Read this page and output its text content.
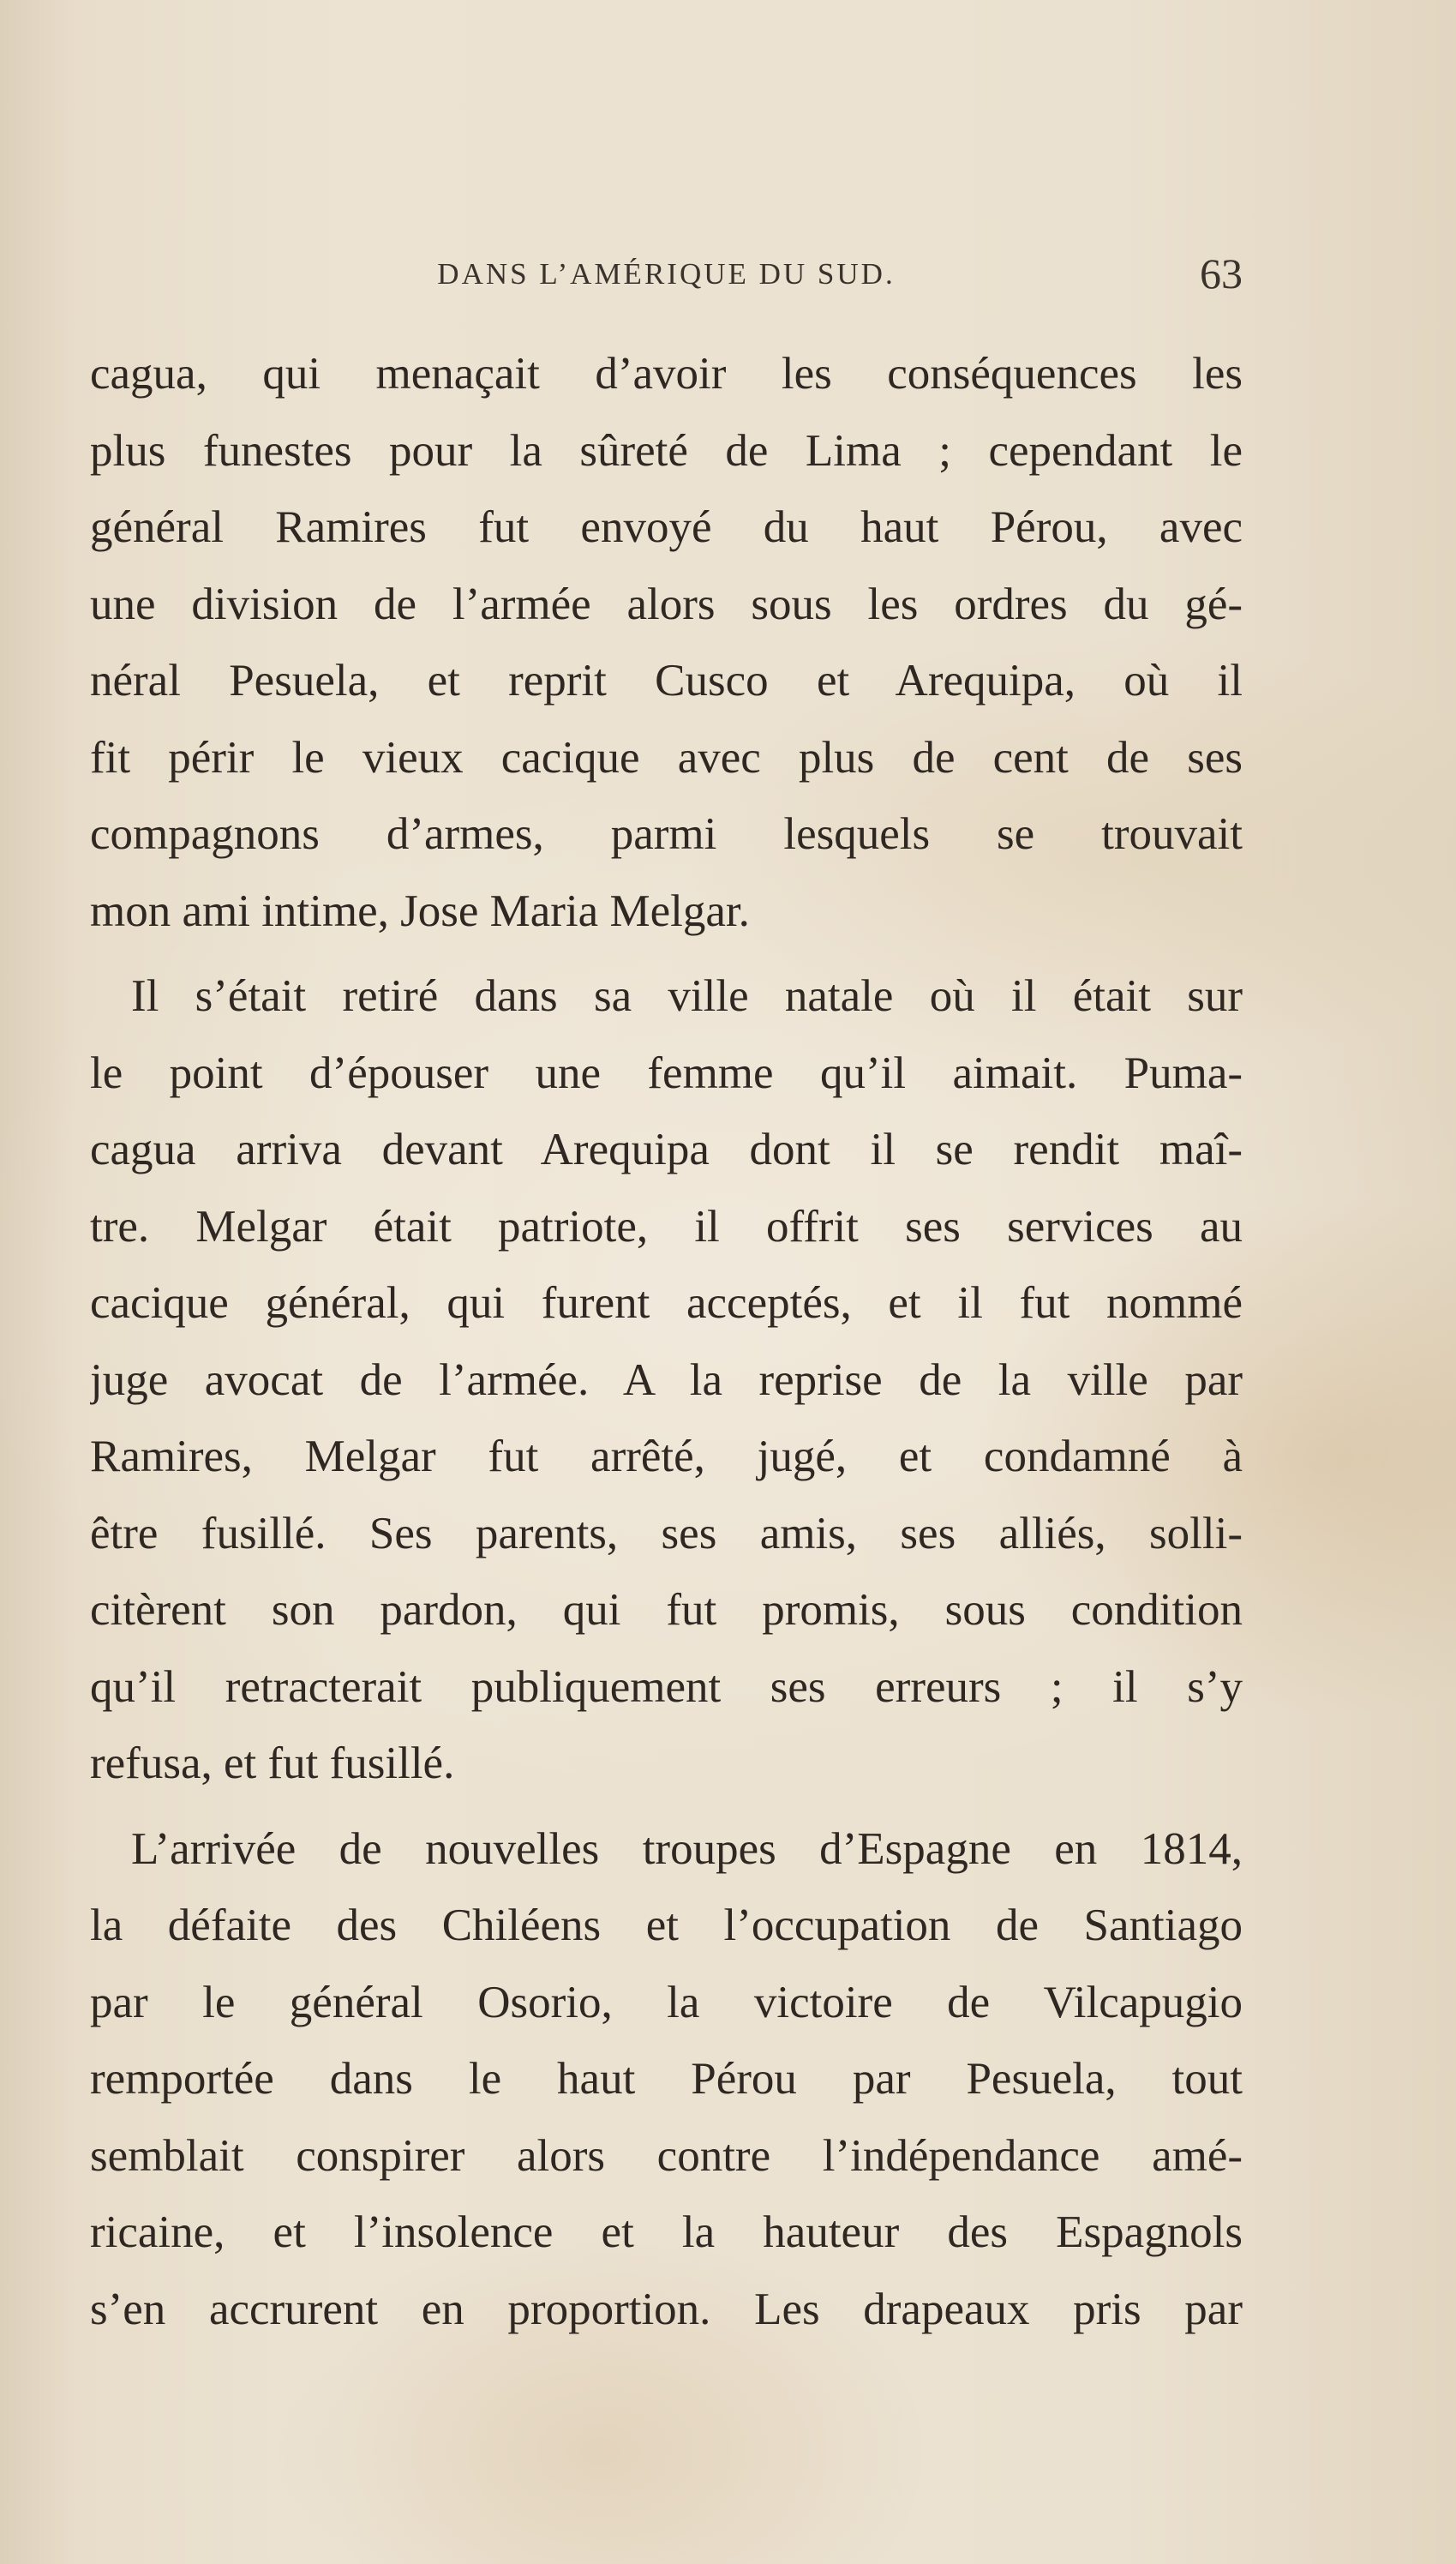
DANS L’AMÉRIQUE DU SUD.	63
cagua, qui menaçait d’avoir les conséquences les
plus funestes pour la sûreté de Lima ; cependant le
général Ramires fut envoyé du haut Pérou, avec
une division de l’armée alors sous les ordres du gé-
néral Pesuela, et reprit Cusco et Arequipa, où il
fit périr le vieux cacique avec plus de cent de ses
compagnons d’armes, parmi lesquels se trouvait
mon ami intime, Jose Maria Melgar.
Il s’était retiré dans sa ville natale où il était sur
le point d’épouser une femme qu’il aimait. Puma-
cagua arriva devant Arequipa dont il se rendit maî-
tre. Melgar était patriote, il offrit ses services au
cacique général, qui furent acceptés, et il fut nommé
juge avocat de l’armée. A la reprise de la ville par
Ramires, Melgar fut arrêté, jugé, et condamné à
être fusillé. Ses parents, ses amis, ses alliés, solli-
citèrent son pardon, qui fut promis, sous condition
qu’il retracterait publiquement ses erreurs ; il s’y
refusa, et fut fusillé.
L’arrivée de nouvelles troupes d’Espagne en 1814,
la défaite des Chiléens et l’occupation de Santiago
par le général Osorio, la victoire de Vilcapugio
remportée dans le haut Pérou par Pesuela, tout
semblait conspirer alors contre l’indépendance amé-
ricaine, et l’insolence et la hauteur des Espagnols
s’en accrurent en proportion. Les drapeaux pris par
